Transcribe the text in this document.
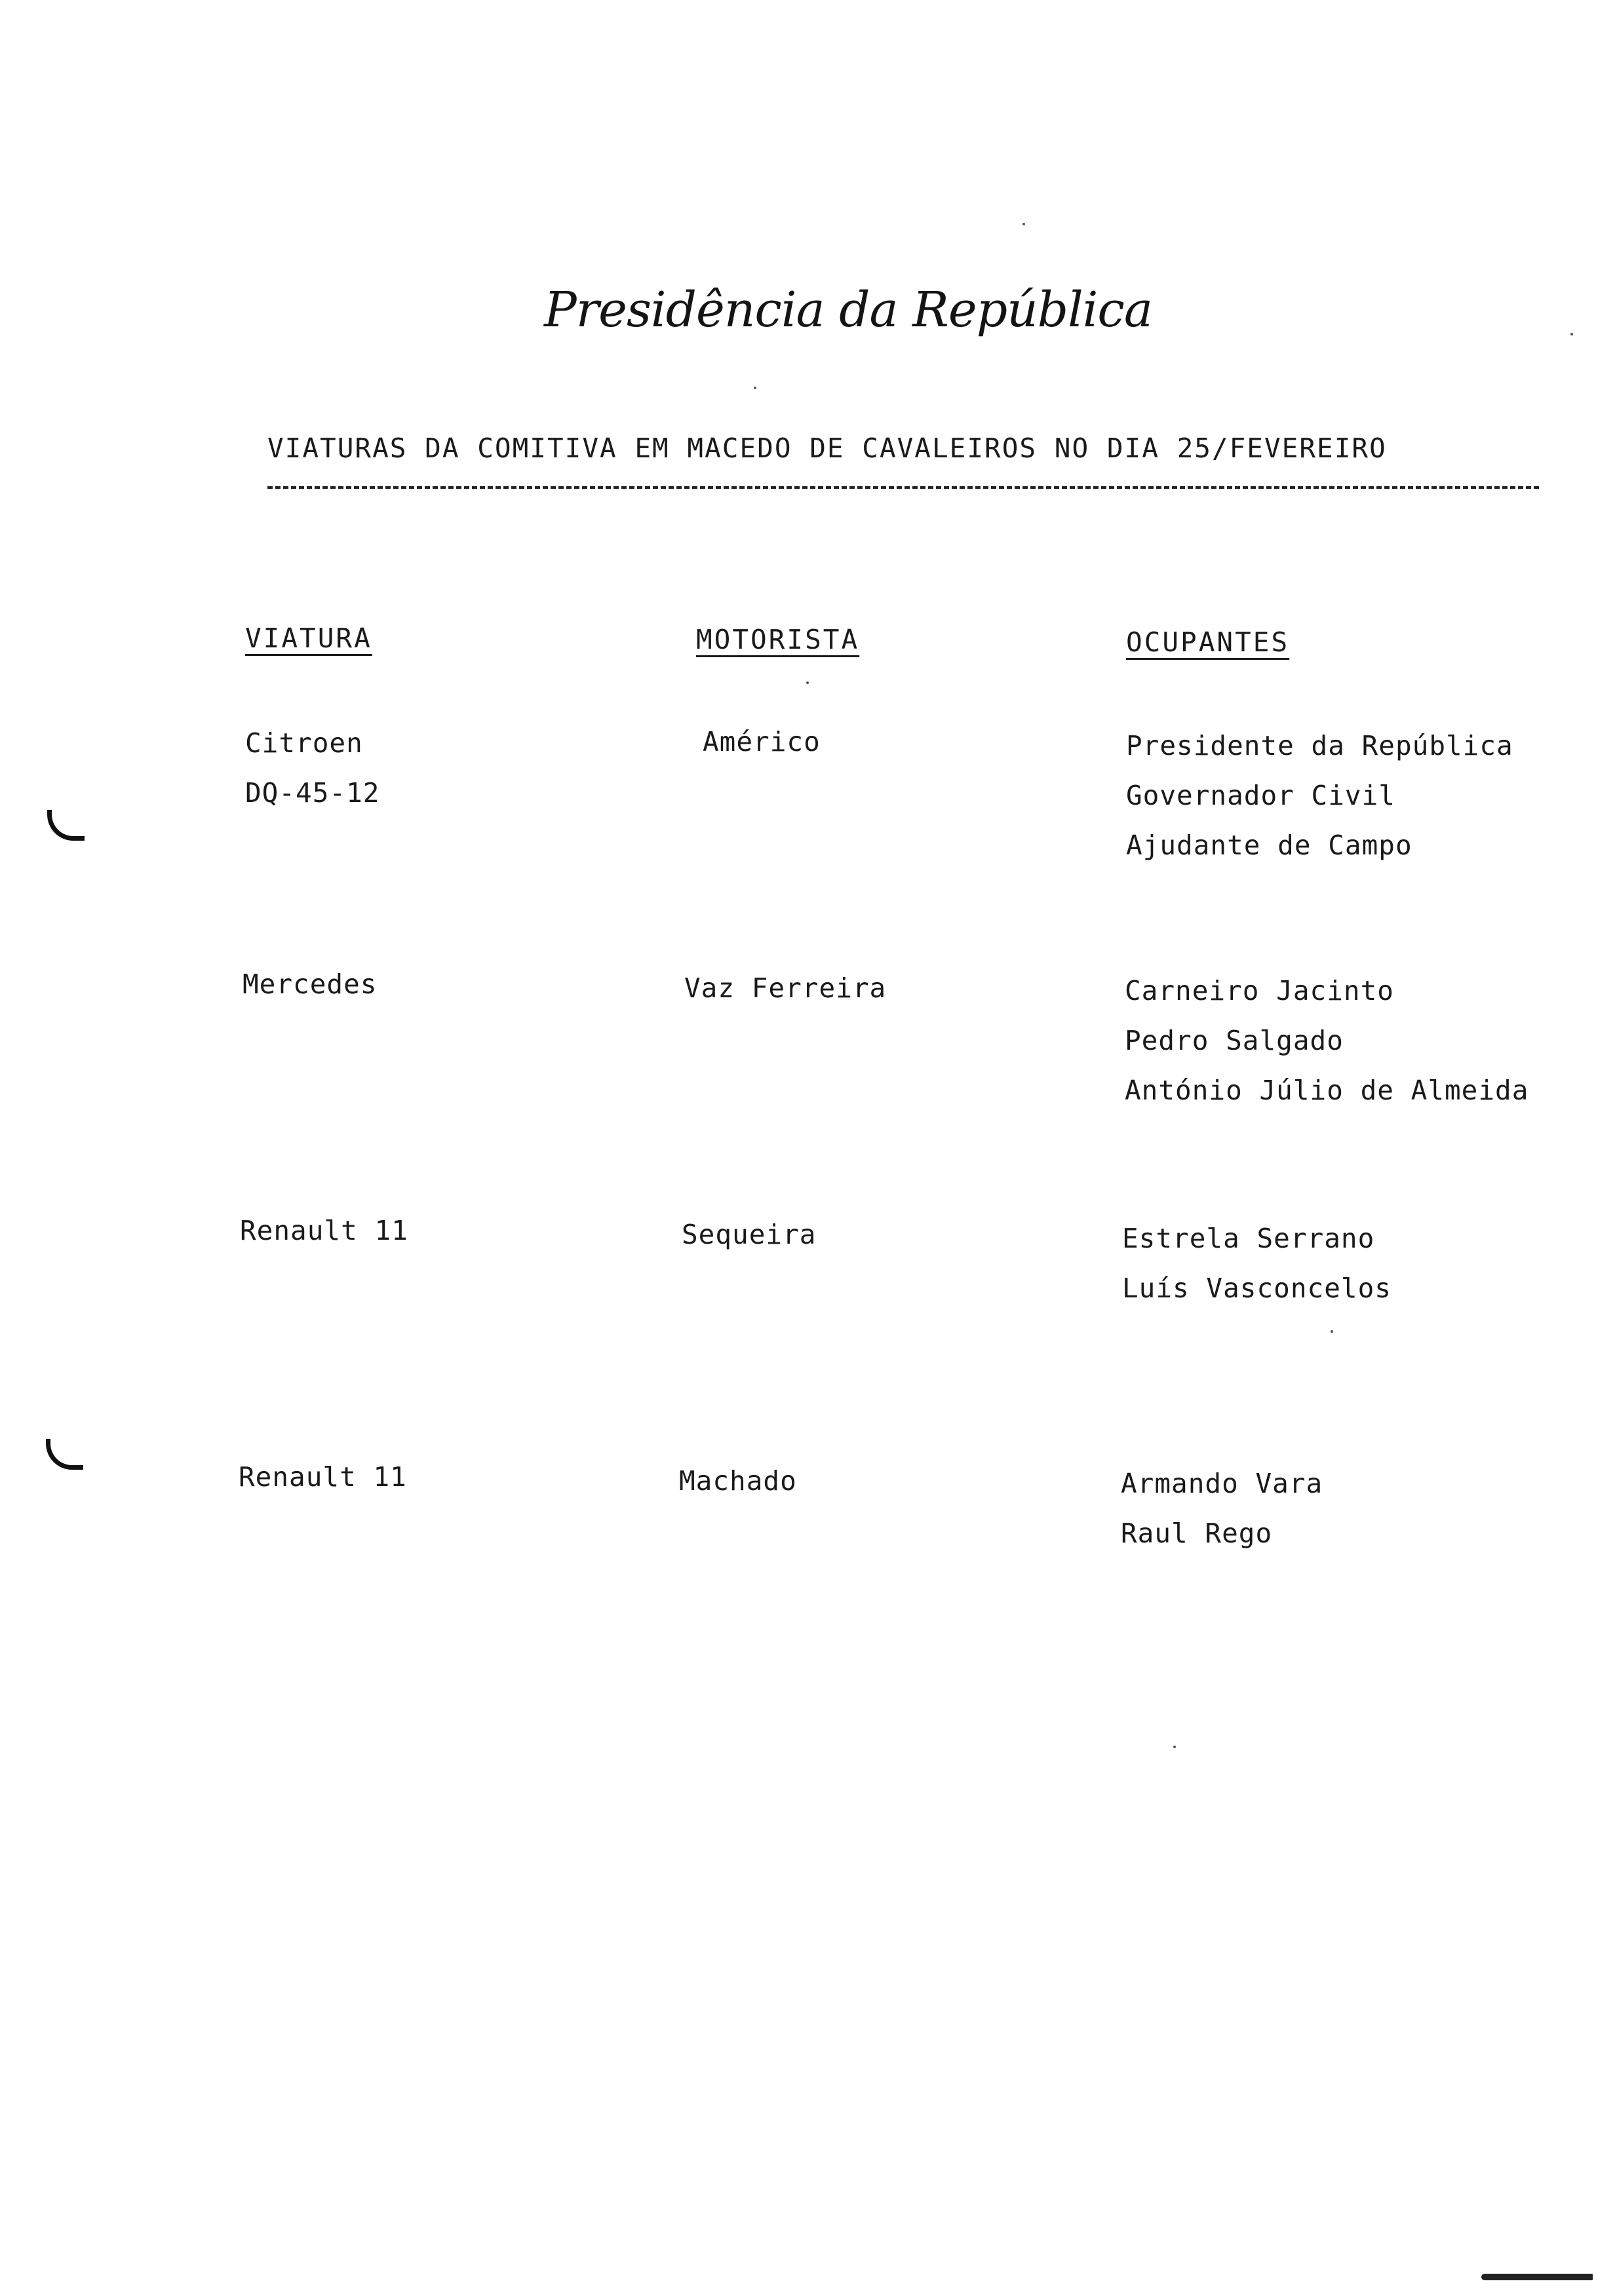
Presidência da República
VIATURAS DA COMITIVA EM MACEDO DE CAVALEIROS NO DIA 25/FEVEREIRO
VIATURA	MOTORISTA	OCUPANTES
Citroen
DQ-45-12
Américo	Presidente da República
Governador Civil
Ajudante de Campo
Mercedes	Vaz Ferreira	Carneiro Jacinto
Pedro Salgado
António Júlio de Almeida
Renault 11	Sequeira	Estrela Serrano
Luís Vasconcelos
Renault 11	Machado	Armando Vara
Raul Rego
